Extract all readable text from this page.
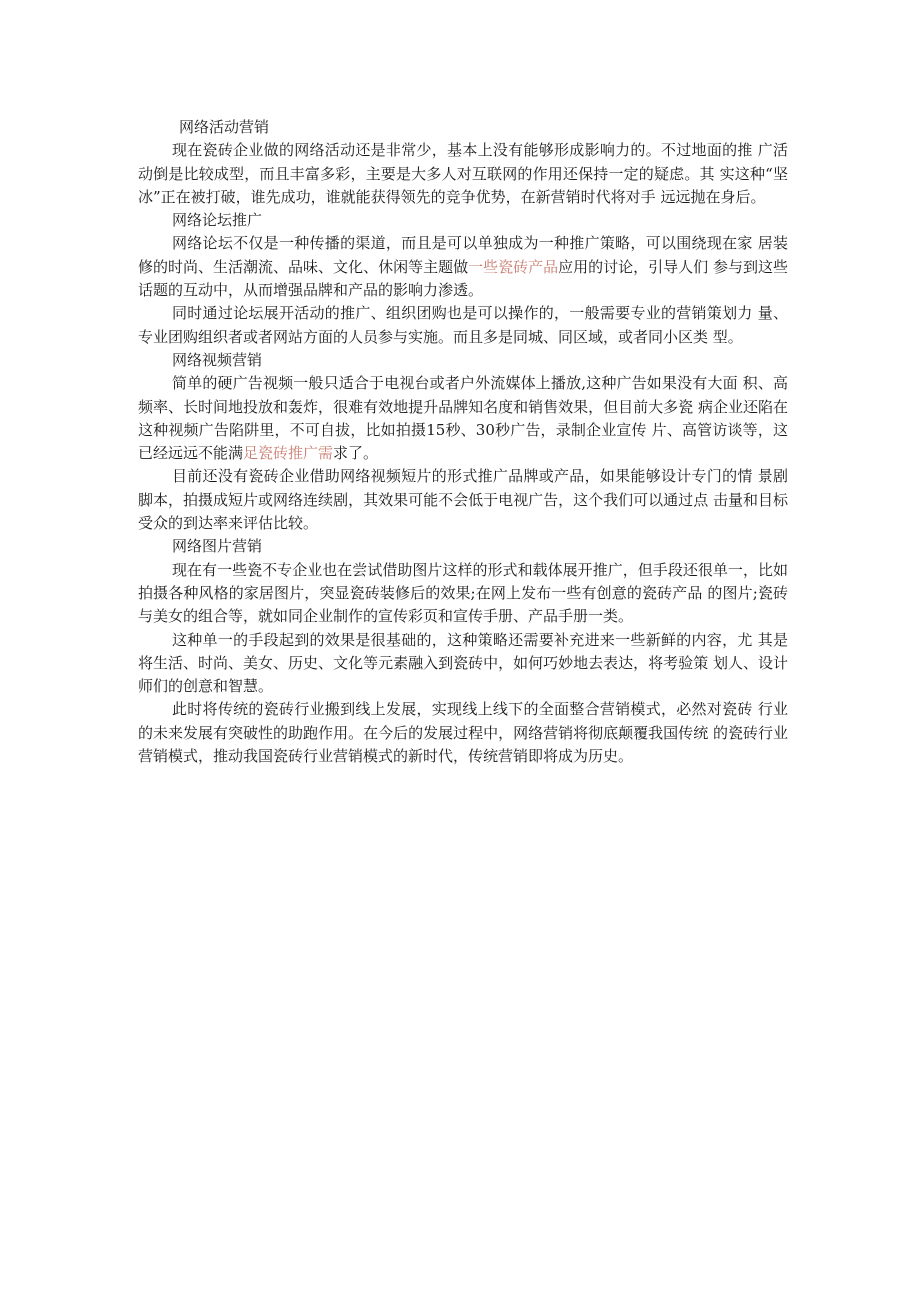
网络活动营销

现在瓷砖企业做的网络活动还是非常少，基本上没有能够形成影响力的。不过地面的推 广活动倒是比较成型，而且丰富多彩，主要是大多人对互联网的作用还保持一定的疑虑。其 实这种“坚冰”正在被打破，谁先成功，谁就能获得领先的竞争优势，在新营销时代将对手 远远抛在身后。

网络论坛推广

网络论坛不仅是一种传播的渠道，而且是可以单独成为一种推广策略，可以围绕现在家 居装修的时尚、生活潮流、品味、文化、休闲等主题做一些瓷砖产品应用的讨论，引导人们 参与到这些话题的互动中，从而增强品牌和产品的影响力渗透。

同时通过论坛展开活动的推广、组织团购也是可以操作的，一般需要专业的营销策划力 量、专业团购组织者或者网站方面的人员参与实施。而且多是同城、同区域，或者同小区类 型。

网络视频营销

简单的硬广告视频一般只适合于电视台或者户外流媒体上播放,这种广告如果没有大面 积、高频率、长时间地投放和轰炸，很难有效地提升品牌知名度和销售效果，但目前大多瓷 病企业还陷在这种视频广告陷阱里，不可自拔，比如拍摄15秒、30秒广告，录制企业宣传 片、高管访谈等，这已经远远不能满足瓷砖推广需求了。

目前还没有瓷砖企业借助网络视频短片的形式推广品牌或产品，如果能够设计专门的情 景剧脚本，拍摄成短片或网络连续剧，其效果可能不会低于电视广告，这个我们可以通过点 击量和目标受众的到达率来评估比较。

网络图片营销

现在有一些瓷不专企业也在尝试借助图片这样的形式和载体展开推广，但手段还很单一，比如拍摄各种风格的家居图片，突显瓷砖装修后的效果;在网上发布一些有创意的瓷砖产品 的图片;瓷砖与美女的组合等，就如同企业制作的宣传彩页和宣传手册、产品手册一类。

这种单一的手段起到的效果是很基础的，这种策略还需要补充进来一些新鲜的内容，尤 其是将生活、时尚、美女、历史、文化等元素融入到瓷砖中，如何巧妙地去表达，将考验策 划人、设计师们的创意和智慧。

此时将传统的瓷砖行业搬到线上发展，实现线上线下的全面整合营销模式，必然对瓷砖 行业的未来发展有突破性的助跑作用。在今后的发展过程中，网络营销将彻底颠覆我国传统 的瓷砖行业营销模式，推动我国瓷砖行业营销模式的新时代，传统营销即将成为历史。
